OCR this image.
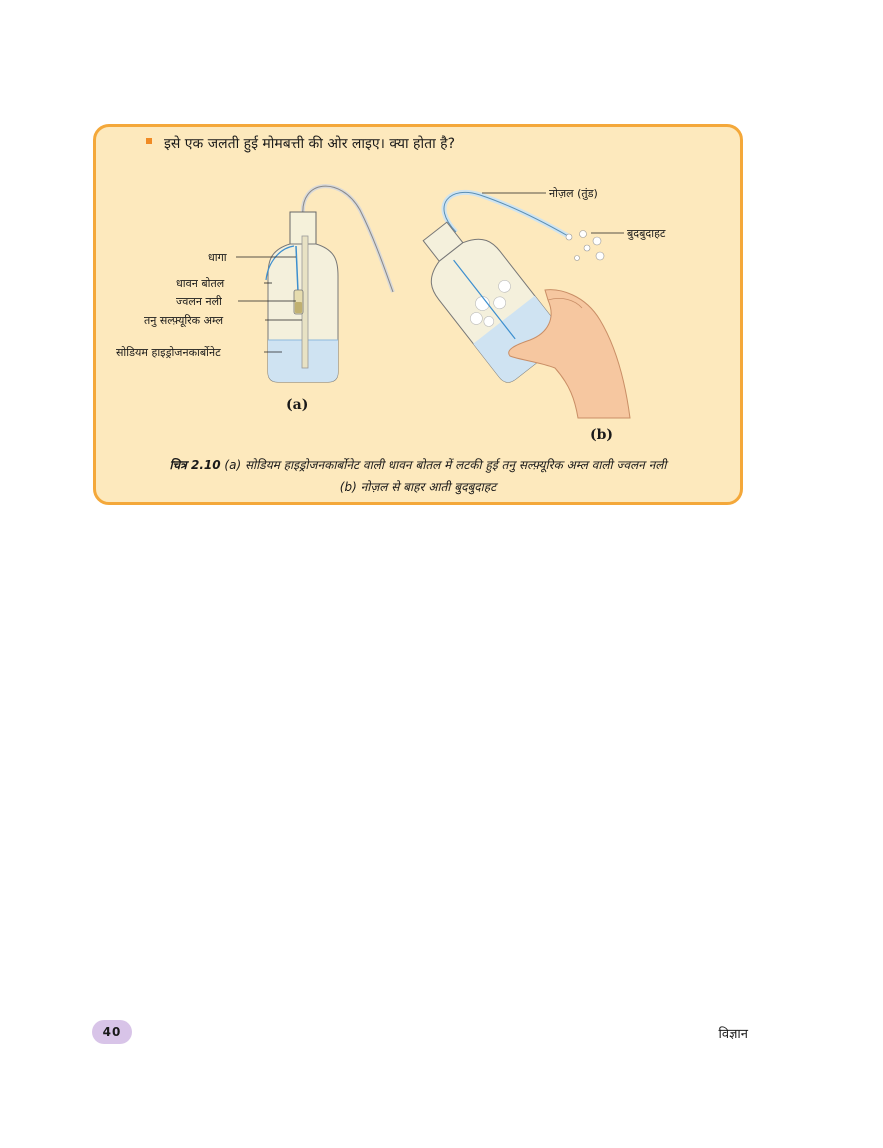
इसे एक जलती हुई मोमबत्ती की ओर लाइए। क्या होता है?
धागा
धावन बोतल
ज्वलन नली
तनु सल्फ़्यूरिक अम्ल
सोडियम हाइड्रोजनकार्बोनेट
(a)
नोज़ल (तुंड)
बुदबुदाहट
(b)
चित्र 2.10 (a) सोडियम हाइड्रोजनकार्बोनेट वाली धावन बोतल में लटकी हुई तनु सल्फ़्यूरिक अम्ल वाली ज्वलन नली
(b) नोज़ल से बाहर आती बुदबुदाहट
40	विज्ञान
